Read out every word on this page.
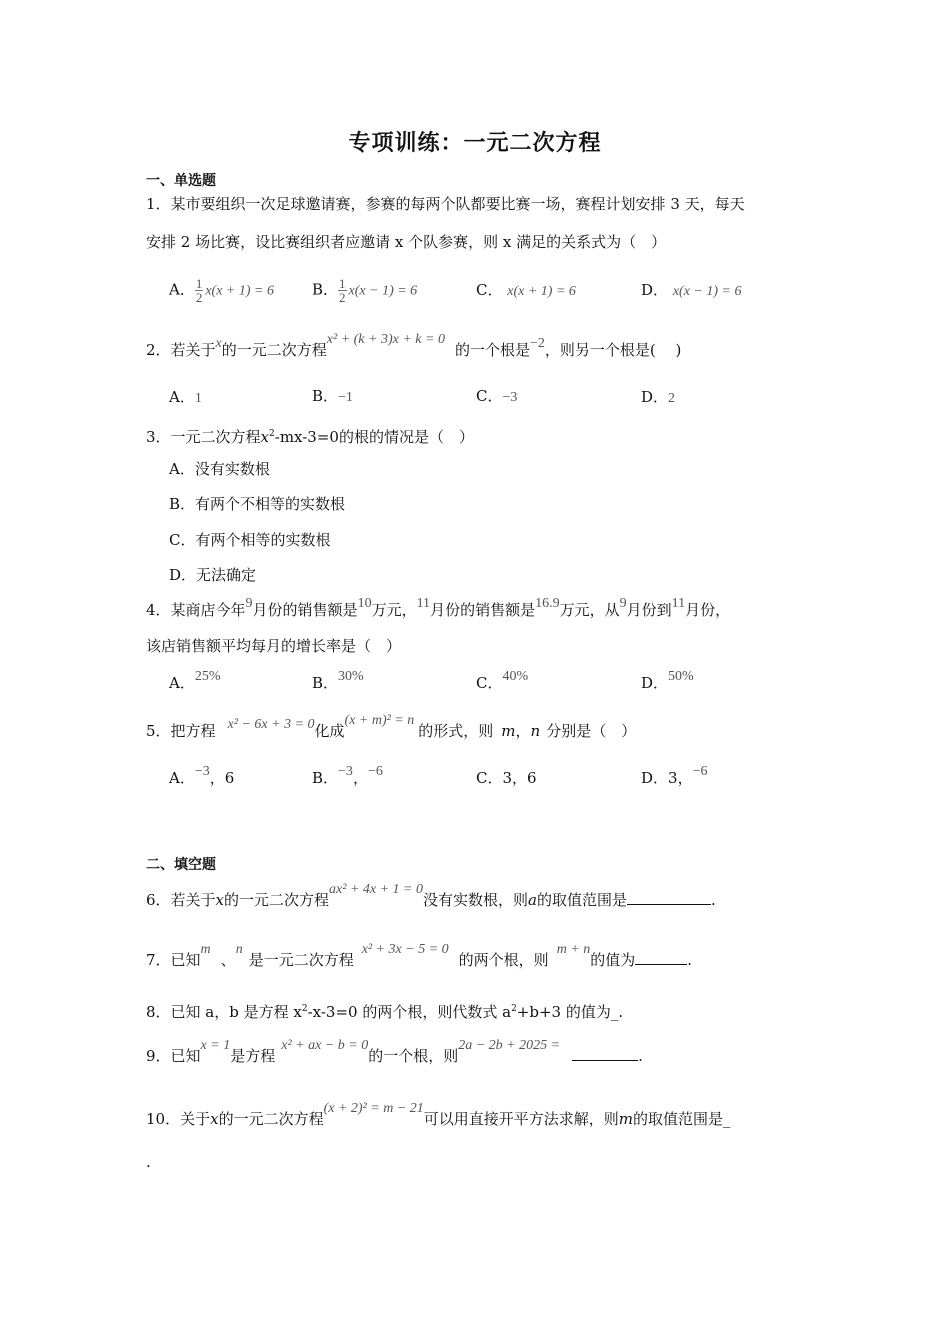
专项训练：一元二次方程
一、单选题
1．某市要组织一次足球邀请赛，参赛的每两个队都要比赛一场，赛程计划安排 3 天，每天
安排 2 场比赛，设比赛组织者应邀请 x 个队参赛，则 x 满足的关系式为（　）
A． $\frac{1}{2} x(x + 1) = 6$	B． $\frac{1}{2} x(x - 1) = 6$	C． x(x + 1) = 6	D． x(x − 1) = 6
2．若关于x的一元二次方程x² + (k + 3)x + k = 0的一个根是−2，则另一个根是(　 )
A．1	B．−1	C．−3	D．2
3．一元二次方程$x^2-mx-3=0$的根的情况是（　）
A．没有实数根
B．有两个不相等的实数根
C．有两个相等的实数根
D．无法确定
4．某商店今年9月份的销售额是10万元，11月份的销售额是16.9万元，从9月份到11月份，
该店销售额平均每月的增长率是（　）
A．25%	B．30%	C．40%	D．50%
5．把方程 x² − 6x + 3 = 0化成(x + m)² = n的形式，则 m，n 分别是（　）
A．−3，6	B．−3，−6	C．3，6	D．3，−6
二、填空题
6．若关于x的一元二次方程ax² + 4x + 1 = 0没有实数根，则a的取值范围是	.
7．已知m、n是一元二次方程x² + 3x − 5 = 0的两个根，则m + n的值为	.
8．已知 a，b 是方程 $x^2-x-3=0$ 的两个根，则代数式 $a^2+b+3$ 的值为_.
9．已知x = 1是方程x² + ax − b = 0的一个根，则2a − 2b + 2025 =.
10．关于x的一元二次方程(x + 2)² = m − 21可以用直接开平方法求解，则m的取值范围是_
.
